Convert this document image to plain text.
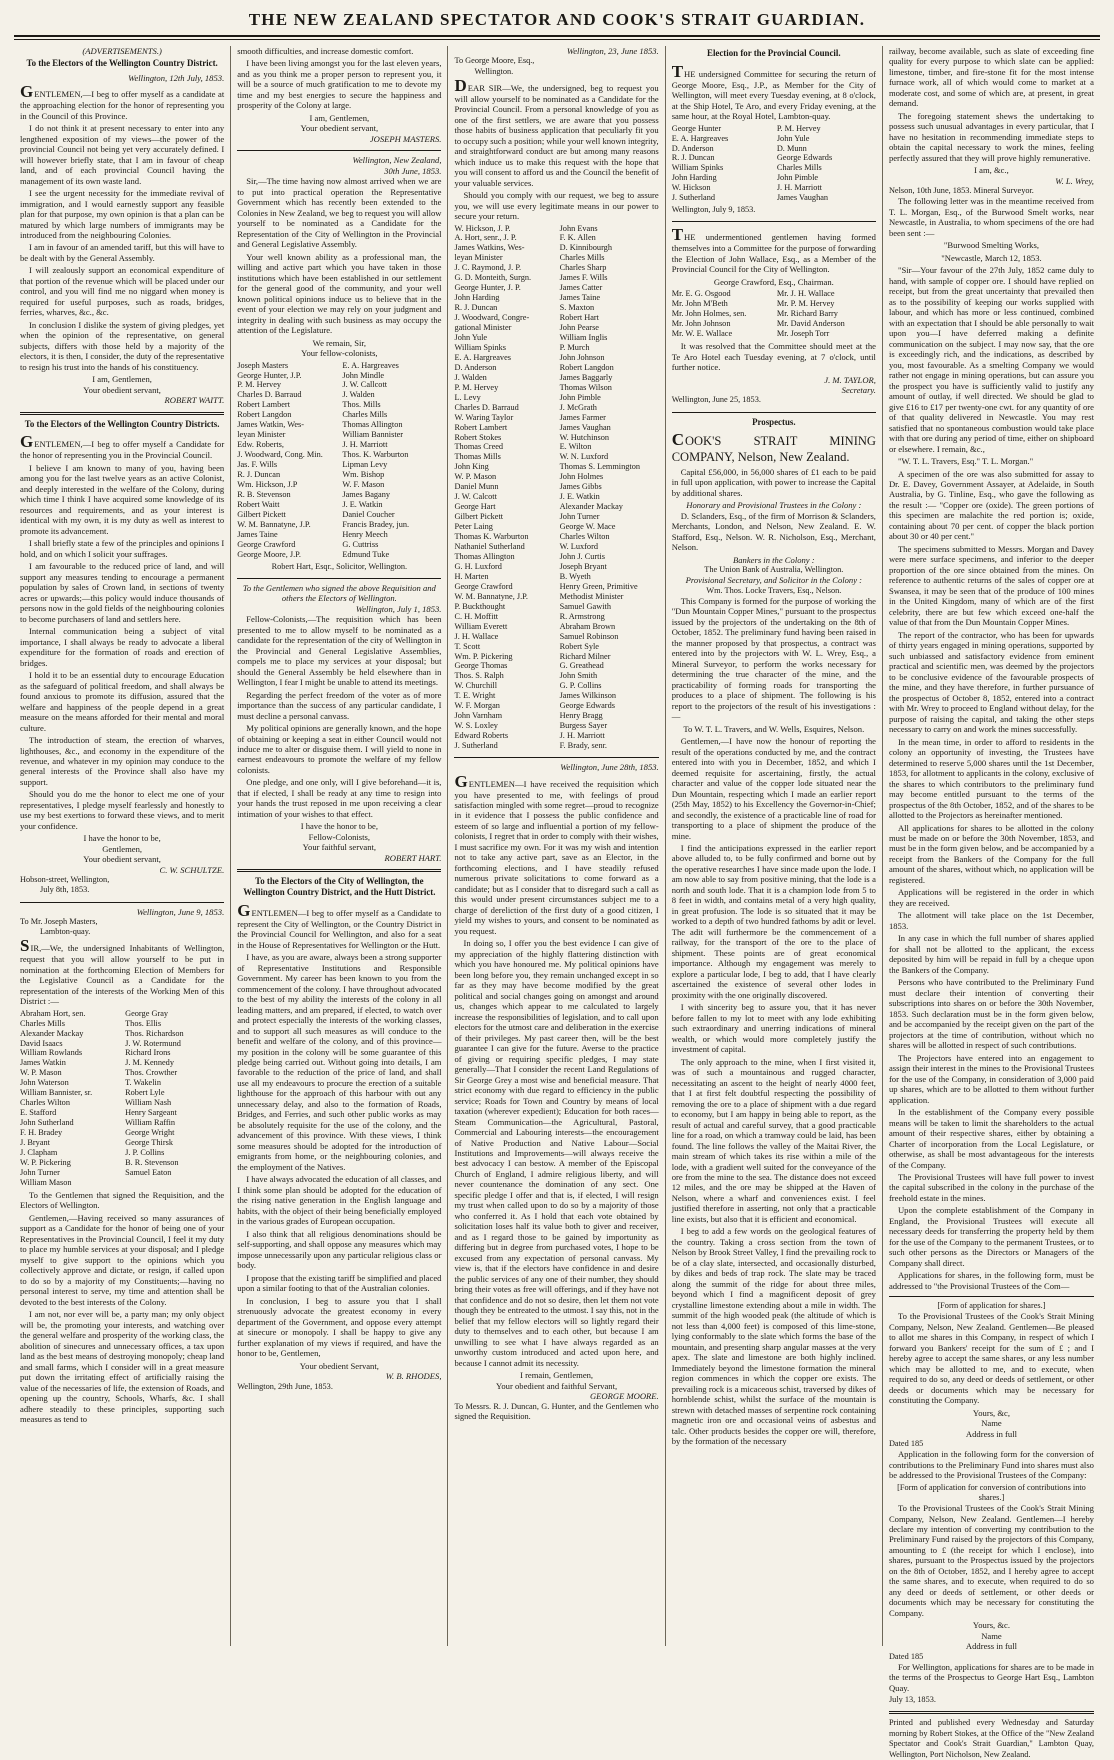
THE NEW ZEALAND SPECTATOR AND COOK'S STRAIT GUARDIAN.
(ADVERTISEMENTS.)
To the Electors of the Wellington Country District.
Wellington, 12th July, 1853.

GENTLEMEN,—I beg to offer myself as a candidate at the approaching election for the honor of representing you in the Council of this Province.

I do not think it at present necessary to enter into any lengthened exposition of my views—the power of the provincial Council not being yet very accurately defined. I will however briefly state, that I am in favour of cheap land, and of each provincial Council having the management of its own waste land.

I see the urgent necessity for the immediate revival of immigration, and I would earnestly support any feasible plan for that purpose, my own opinion is that a plan can be matured by which large numbers of immigrants may be introduced from the neighbouring Colonies.

I am in favour of an amended tariff, but this will have to be dealt with by the General Assembly.

I will zealously support an economical expenditure of that portion of the revenue which will be placed under our control, and you will find me no niggard when money is required for useful purposes, such as roads, bridges, ferries, wharves, &c., &c.

In conclusion I dislike the system of giving pledges, yet when the opinion of the representative, on general subjects, differs with those held by a majority of the electors, it is then, I consider, the duty of the representative to resign his trust into the hands of his constituency.

I am, Gentlemen,
Your obedient servant,
ROBERT WAITT.
To the Electors of the Wellington Country Districts.

GENTLEMEN,—I beg to offer myself a Candidate for the honor of representing you in the Provincial Council.

I believe I am known to many of you, having been among you for the last twelve years as an active Colonist, and deeply interested in the welfare of the Colony, during which time I think I have acquired some knowledge of its resources and requirements, and as your interest is identical with my own, it is my duty as well as interest to promote its advancement.

I shall briefly state a few of the principles and opinions I hold, and on which I solicit your suffrages.

I am favourable to the reduced price of land, and will support any measures tending to encourage a permanent population by sales of Crown land, in sections of twenty acres or upwards;—this policy would induce thousands of persons now in the gold fields of the neighbouring colonies to become purchasers of land and settlers here.

Internal communication being a subject of vital importance, I shall always be ready to advocate a liberal expenditure for the formation of roads and erection of bridges.

I hold it to be an essential duty to encourage Education as the safeguard of political freedom, and shall always be found anxious to promote its diffusion, assured that the welfare and happiness of the people depend in a great measure on the means afforded for their mental and moral culture.

The introduction of steam, the erection of wharves, lighthouses, &c., and economy in the expenditure of the revenue, and whatever in my opinion may conduce to the general interests of the Province shall also have my support.

Should you do me the honor to elect me one of your representatives, I pledge myself fearlessly and honestly to use my best exertions to forward these views, and to merit your confidence.

I have the honor to be,
Gentlemen,
Your obedient servant,
C. W. SCHULTZE.
Hobson-street, Wellington,
July 8th, 1853.
Wellington, June 9, 1853.
To Mr. Joseph Masters,
Lambton-quay.

SIR,—We, the undersigned Inhabitants of Wellington, request that you will allow yourself to be put in nomination at the forthcoming Election of Members for the Legislative Council as a Candidate for the representation of the interests of the Working Men of this District :—

Abraham Hort, sen.	George Gray
Charles Mills	Thos. Ellis
Alexander Mackay	Thos. Richardson
David Isaacs	J. W. Rotermund
William Rowlands	Richard Irons
James Watkin	J. M. Kennedy
W. P. Mason	Thos. Crowther
John Waterson	T. Wakelin
William Bannister, sr.	Robert Lyle
Charles Wilton	William Nash
E. Stafford	Henry Sargeant
John Sutherland	William Raffin
F. H. Bradey	George Wright
J. Bryant	George Thirsk
J. Clapham	J. P. Collins
W. P. Pickering	B. R. Stevenson
John Turner	Samuel Eaton
William Mason

To the Gentlemen that signed the Requisition, and the Electors of Wellington.

Gentlemen,—Having received so many assurances of support as a Candidate for the honor of being one of your Representatives in the Provincial Council, I feel it my duty to place my humble services at your disposal; and I pledge myself to give support to the opinions which you collectively approve and dictate, or resign, if called upon to do so by a majority of my Constituents;—having no personal interest to serve, my time and attention shall be devoted to the best interests of the Colony.

I am not, nor ever will be, a party man; my only object will be, the promoting your interests, and watching over the general welfare and prosperity of the working class, the abolition of sinecures and unnecessary offices, a tax upon land as the best means of destroying monopoly; cheap land and small farms, which I consider will in a great measure put down the irritating effect of artificially raising the value of the necessaries of life, the extension of Roads, and opening up the country, Schools, Wharfs, &c. I shall adhere steadily to these principles, supporting such measures as tend to

smooth difficulties, and increase domestic comfort.

I have been living amongst you for the last eleven years, and as you think me a proper person to represent you, it will be a source of much gratification to me to devote my time and my best energies to secure the happiness and prosperity of the Colony at large.

I am, Gentlemen,
Your obedient servant,
JOSEPH MASTERS.
Wellington, New Zealand,
30th June, 1853.

Sir,—The time having now almost arrived when we are to put into practical operation the Representative Government which has recently been extended to the Colonies in New Zealand, we beg to request you will allow yourself to be nominated as a Candidate for the Representation of the City of Wellington in the Provincial and General Legislative Assembly.

Your well known ability as a professional man, the willing and active part which you have taken in those institutions which have been established in our settlement for the general good of the community, and your well known political opinions induce us to believe that in the event of your election we may rely on your judgment and integrity in dealing with such business as may occupy the attention of the Legislature.

We remain, Sir,
Your fellow-colonists,
Joseph Masters	E. A. Hargreaves
George Hunter, J.P.	John Mindle
P. M. Hervey	J. W. Callcott
Charles D. Barraud	J. Walden
Robert Lambert	Thos. Mills
Robert Langdon	Charles Mills
James Watkin, Wes-	Thomas Allington
leyan Minister	William Bannister
Edw. Roberts,	J. H. Marriott
J. Woodward, Cong. Min.	Thos. K. Warburton
Jas. F. Wills	Lipman Levy
R. J. Duncan	Wm. Bishop
Wm. Hickson, J.P	W. F. Mason
R. B. Stevenson	James Bagany
Robert Waitt	J. E. Watkin
Gilbert Pickett	Daniel Coucher
W. M. Bannatyne, J.P.	Francis Bradey, jun.
James Taine	Henry Meech
George Crawford	G. Cuttriss
George Moore, J.P.	Edmund Tuke
Robert Hart, Esqr., Solicitor, Wellington.
To the Gentlemen who signed the above Requisition and others the Electors of Wellington.
Wellington, July 1, 1853.

Fellow-Colonists,—The requisition which has been presented to me to allow myself to be nominated as a candidate for the representation of the city of Wellington in the Provincial and General Legislative Assemblies, compels me to place my services at your disposal; but should the General Assembly be held elsewhere than in Wellington, I fear I might be unable to attend its meetings.

Regarding the perfect freedom of the voter as of more importance than the success of any particular candidate, I must decline a personal canvass.

My political opinions are generally known, and the hope of obtaining or keeping a seat in either Council would not induce me to alter or disguise them. I will yield to none in earnest endeavours to promote the welfare of my fellow colonists.

One pledge, and one only, will I give beforehand—it is, that if elected, I shall be ready at any time to resign into your hands the trust reposed in me upon receiving a clear intimation of your wishes to that effect.

I have the honor to be,
Fellow-Colonists,
Your faithful servant,
ROBERT HART.
To the Electors of the City of Wellington, the Wellington Country District, and the Hutt District.

GENTLEMEN—I beg to offer myself as a Candidate to represent the City of Wellington, or the Country District in the Provincial Council for Wellington, and also for a seat in the House of Representatives for Wellington or the Hutt.

I have, as you are aware, always been a strong supporter of Representative Institutions and Responsible Government. My career has been known to you from the commencement of the colony. I have throughout advocated to the best of my ability the interests of the colony in all leading matters, and am prepared, if elected, to watch over and protect especially the interests of the working classes, and to support all such measures as will conduce to the benefit and welfare of the colony, and of this province—my position in the colony will be some guarantee of this pledge being carried out. Without going into details, I am favorable to the reduction of the price of land, and shall use all my endeavours to procure the erection of a suitable lighthouse for the approach of this harbour with out any unnecessary delay, and also to the formation of Roads, Bridges, and Ferries, and such other public works as may be absolutely requisite for the use of the colony, and the advancement of this province. With these views, I think some measures should be adopted for the introduction of emigrants from home, or the neighbouring colonies, and the employment of the Natives.

I have always advocated the education of all classes, and I think some plan should be adopted for the education of the rising native generation in the English language and habits, with the object of their being beneficially employed in the various grades of European occupation.

I also think that all religious denominations should be self-supporting, and shall oppose any measures which may impose unnecessarily upon any particular religious class or body.

I propose that the existing tariff be simplified and placed upon a similar footing to that of the Australian colonies.

In conclusion, I beg to assure you that I shall strenuously advocate the greatest economy in every department of the Government, and oppose every attempt at sinecure or monopoly. I shall be happy to give any further explanation of my views if required, and have the honor to be, Gentlemen,

Your obedient Servant,
W. B. RHODES,
Wellington, 29th June, 1853.
Wellington, 23, June 1853.
To George Moore, Esq.,
Wellington.

DEAR SIR—We, the undersigned, beg to request you will allow yourself to be nominated as a Candidate for the Provincial Council. From a personal knowledge of you as one of the first settlers, we are aware that you possess those habits of business application that peculiarly fit you to occupy such a position; while your well known integrity, and straightforward conduct are but among many reasons which induce us to make this request with the hope that you will consent to afford us and the Council the benefit of your valuable services.

Should you comply with our request, we beg to assure you, we will use every legitimate means in our power to secure your return.

W. Hickson, J. P.	John Evans
A. Hort, senr., J. P.	F. K. Allen
James Watkins, Wes-	D. Kinnibourgh
leyan Minister	Charles Mills
J. C. Raymond, J. P.	Charles Sharp
G. D. Monteith, Surgn.	James F. Wills
George Hunter, J. P.	James Catter
John Harding	James Taine
R. J. Duncan	S. Maxton
J. Woodward, Congre-	Robert Hart
gational Minister	John Pearse
John Yule	William Inglis
William Spinks	P. Murch
E. A. Hargreaves	John Johnson
D. Anderson	Robert Langdon
J. Walden	James Baggarly
P. M. Hervey	Thomas Wilson
L. Levy	John Pimble
Charles D. Barraud	J. McGrath
W. Waring Taylor	James Farmer
Robert Lambert	James Vaughan
Robert Stokes	W. Hutchinson
Thomas Creed	E. Wilton
Thomas Mills	W. N. Luxford
John King	Thomas S. Lemmington
W. P. Mason	John Holmes
Daniel Munn	James Gibbs
J. W. Calcott	J. E. Watkin
George Hart	Alexander Mackay
Gilbert Pickett	John Turner
Peter Laing	George W. Mace
Thomas K. Warburton	Charles Wilton
Nathaniel Sutherland	W. Luxford
Thomas Allington	John J. Curtis
G. H. Luxford	Joseph Bryant
H. Marten	B. Wyeth
George Crawford	Henry Green, Primitive
W. M. Bannatyne, J.P.	Methodist Minister
P. Buckthought	Samuel Gawith
C. H. Moffitt	R. Armstrong
William Everett	Abraham Brown
J. H. Wallace	Samuel Robinson
T. Scott	Robert Syle
Wm. P. Pickering	Richard Milner
George Thomas	G. Greathead
Thos. S. Ralph	John Smith
W. Churchill	G. P. Collins
T. E. Wright	James Wilkinson
W. F. Morgan	George Edwards
John Varnham	Henry Bragg
W. S. Loxley	Burgess Sayer
Edward Roberts	J. H. Marriott
J. Sutherland	F. Brady, senr.
Wellington, June 28th, 1853.

GENTLEMEN—I have received the requisition which you have presented to me, with feelings of proud satisfaction mingled with some regret—proud to recognize in it evidence that I possess the public confidence and esteem of so large and influential a portion of my fellow-colonists, I regret that in order to comply with their wishes, I must sacrifice my own. For it was my wish and intention not to take any active part, save as an Elector, in the forthcoming elections, and I have steadily refused numerous private solicitations to come forward as a candidate; but as I consider that to disregard such a call as this would under present circumstances subject me to a charge of dereliction of the first duty of a good citizen, I yield my wishes to yours, and consent to be nominated as you request.

In doing so, I offer you the best evidence I can give of my appreciation of the highly flattering distinction with which you have honoured me. My political opinions have been long before you, they remain unchanged except in so far as they may have become modified by the great political and social changes going on amongst and around us, changes which appear to me calculated to largely increase the responsibilities of legislation, and to call upon electors for the utmost care and deliberation in the exercise of their privileges. My past career then, will be the best guarantee I can give for the future. Averse to the practice of giving or requiring specific pledges, I may state generally—That I consider the recent Land Regulations of Sir George Grey a most wise and beneficial measure. That strict economy with due regard to efficiency in the public service; Roads for Town and Country by means of local taxation (wherever expedient); Education for both races—Steam Communication—the Agricultural, Pastoral, Commercial and Labouring interests—the encouragement of Native Production and Native Labour—Social Institutions and Improvements—will always receive the best advocacy I can bestow. A member of the Episcopal Church of England, I admire religious liberty, and will never countenance the domination of any sect. One specific pledge I offer and that is, if elected, I will resign my trust when called upon to do so by a majority of those who conferred it. As I hold that each vote obtained by solicitation loses half its value both to giver and receiver, and as I regard those to be gained by importunity as differing but in degree from purchased votes, I hope to be excused from any expectation of personal canvass. My view is, that if the electors have confidence in and desire the public services of any one of their number, they should bring their votes as free will offerings, and if they have not that confidence and do not so desire, then let them not vote though they be entreated to the utmost. I say this, not in the belief that my fellow electors will so lightly regard their duty to themselves and to each other, but because I am unwilling to see what I have always regarded as an unworthy custom introduced and acted upon here, and because I cannot admit its necessity.

I remain, Gentlemen,
Your obedient and faithful Servant,
GEORGE MOORE.
To Messrs. R. J. Duncan, G. Hunter, and the Gentlemen who signed the Requisition.
Election for the Provincial Council.

THE undersigned Committee for securing the return of George Moore, Esq., J.P., as Member for the City of Wellington, will meet every Tuesday evening, at 8 o'clock, at the Ship Hotel, Te Aro, and every Friday evening, at the same hour, at the Royal Hotel, Lambton-quay.

George Hunter	P. M. Hervey
E. A. Hargreaves	John Yule
D. Anderson	D. Munn
R. J. Duncan	George Edwards
William Spinks	Charles Mills
John Harding	John Pimble
W. Hickson	J. H. Marriott
J. Sutherland	James Vaughan
Wellington, July 9, 1853.

THE undermentioned gentlemen having formed themselves into a Committee for the purpose of forwarding the Election of John Wallace, Esq., as a Member of the Provincial Council for the City of Wellington.

George Crawford, Esq., Chairman.
Mr. E. G. Osgood	Mr. J. H. Wallace
Mr. John M'Beth	Mr. P. M. Hervey
Mr. John Holmes, sen.	Mr. Richard Barry
Mr. John Johnson	Mr. David Anderson
Mr. W. E. Wallace	Mr. Joseph Torr

It was resolved that the Committee should meet at the Te Aro Hotel each Tuesday evening, at 7 o'clock, until further notice.

J. M. TAYLOR,
Secretary.
Wellington, June 25, 1853.
Prospectus.

COOK'S STRAIT MINING COMPANY, Nelson, New Zealand.

Capital £56,000, in 56,000 shares of £1 each to be paid in full upon application, with power to increase the Capital by additional shares.

Honorary and Provisional Trustees in the Colony :

D. Sclanders, Esq., of the firm of Morrison & Sclanders, Merchants, London, and Nelson, New Zealand. E. W. Stafford, Esq., Nelson. W. R. Nicholson, Esq., Merchant, Nelson.

Bankers in the Colony :
The Union Bank of Australia, Wellington.
Provisional Secretary, and Solicitor in the Colony :
Wm. Thos. Locke Travers, Esq., Nelson.

This Company is formed for the purpose of working the "Dun Mountain Copper Mines," pursuant to the prospectus issued by the projectors of the undertaking on the 8th of October, 1852. The preliminary fund having been raised in the manner proposed by that prospectus, a contract was entered into by the projectors with W. L. Wrey, Esq., a Mineral Surveyor, to perform the works necessary for determining the true character of the mine, and the practicability of forming roads for transporting the produces to a place of shipment. The following is his report to the projectors of the result of his investigations :—

To W. T. L. Travers, and W. Wells, Esquires, Nelson.

Gentlemen,—I have now the honour of reporting the result of the operations conducted by me, and the contract entered into with you in December, 1852, and which I deemed requisite for ascertaining, firstly, the actual character and value of the copper lode situated near the Dun Mountain, respecting which I made an earlier report (25th May, 1852) to his Excellency the Governor-in-Chief; and secondly, the existence of a practicable line of road for transporting to a place of shipment the produce of the mine.

I find the anticipations expressed in the earlier report above alluded to, to be fully confirmed and borne out by the operative researches I have since made upon the lode. I am now able to say from positive mining, that the lode is a north and south lode. That it is a champion lode from 5 to 8 feet in width, and contains metal of a very high quality, in great profusion. The lode is so situated that it may be worked to a depth of two hundred fathoms by adit or level. The adit will furthermore be the commencement of a railway, for the transport of the ore to the place of shipment. These points are of great economical importance. Although my engagement was merely to explore a particular lode, I beg to add, that I have clearly ascertained the existence of several other lodes in proximity with the one originally discovered.

I with sincerity beg to assure you, that it has never before fallen to my lot to meet with any lode exhibiting such extraordinary and unerring indications of mineral wealth, or which would more completely justify the investment of capital.

The only approach to the mine, when I first visited it, was of such a mountainous and rugged character, necessitating an ascent to the height of nearly 4000 feet, that I at first felt doubtful respecting the possibility of removing the ore to a place of shipment with a due regard to economy, but I am happy in being able to report, as the result of actual and careful survey, that a good practicable line for a road, on which a tramway could be laid, has been found. The line follows the valley of the Maitai River, the main stream of which takes its rise within a mile of the lode, with a gradient well suited for the conveyance of the ore from the mine to the sea. The distance does not exceed 12 miles, and the ore may be shipped at the Haven of Nelson, where a wharf and conveniences exist. I feel justified therefore in asserting, not only that a practicable line exists, but also that it is efficient and economical.

I beg to add a few words on the geological features of the country. Taking a cross section from the town of Nelson by Brook Street Valley, I find the prevailing rock to be of a clay slate, intersected, and occasionally disturbed, by dikes and beds of trap rock. The slate may be traced along the summit of the ridge for about three miles, beyond which I find a magnificent deposit of grey crystalline limestone extending about a mile in width. The summit of the high wooded peak (the altitude of which is not less than 4,000 feet) is composed of this lime-stone, lying conformably to the slate which forms the base of the mountain, and presenting sharp angular masses at the very apex. The slate and limestone are both highly inclined. Immediately beyond the limestone formation the mineral region commences in which the copper ore exists. The prevailing rock is a micaceous schist, traversed by dikes of hornblende schist, whilst the surface of the mountain is strewn with detached masses of serpentine rock containing magnetic iron ore and occasional veins of asbestus and talc. Other products besides the copper ore will, therefore, by the formation of the necessary

railway, become available, such as slate of exceeding fine quality for every purpose to which slate can be applied: limestone, timber, and fire-stone fit for the most intense furnace work, all of which would come to market at a moderate cost, and some of which are, at present, in great demand.

The foregoing statement shews the undertaking to possess such unusual advantages in every particular, that I have no hesitation in recommending immediate steps to obtain the capital necessary to work the mines, feeling perfectly assured that they will prove highly remunerative.

I am, &c.,
W. L. Wrey,
Nelson, 10th June, 1853. Mineral Surveyor.

The following letter was in the meantime received from T. L. Morgan, Esq., of the Burwood Smelt works, near Newcastle, in Australia, to whom specimens of the ore had been sent :—

"Burwood Smelting Works,

"Newcastle, March 12, 1853.

"Sir—Your favour of the 27th July, 1852 came duly to hand, with sample of copper ore. I should have replied on receipt, but from the great uncertainty that prevailed then as to the possibility of keeping our works supplied with labour, and which has more or less continued, combined with an expectation that I should be able personally to wait upon you—I have deferred making a definite communication on the subject. I may now say, that the ore is exceedingly rich, and the indications, as described by you, most favourable. As a smelting Company we would rather not engage in mining operations, but can assure you the prospect you have is sufficiently valid to justify any amount of outlay, if well directed. We should be glad to give £16 to £17 per twenty-one cwt. for any quantity of ore of that quality delivered in Newcastle. You may rest satisfied that no spontaneous combustion would take place with that ore during any period of time, either on shipboard or elsewhere. I remain, &c.,

"W. T. L. Travers, Esq." T. L. Morgan."

A specimen of the ore was also submitted for assay to Dr. E. Davey, Government Assayer, at Adelaide, in South Australia, by G. Tinline, Esq., who gave the following as the result :— "Copper ore (oxide). The green portions of this specimen are malachite the red portion is; oxide, containing about 70 per cent. of copper the black portion about 30 or 40 per cent."

The specimens submitted to Messrs. Morgan and Davey were mere surface specimens, and inferior to the deeper proportion of the ore since obtained from the mines. On reference to authentic returns of the sales of copper ore at Swansea, it may be seen that of the produce of 100 mines in the United Kingdom, many of which are of the first celebrity, there are but few which exceed one-half the value of that from the Dun Mountain Copper Mines.

The report of the contractor, who has been for upwards of thirty years engaged in mining operations, supported by such unbiassed and satisfactory evidence from eminent practical and scientific men, was deemed by the projectors to be conclusive evidence of the favourable prospects of the mine, and they have therefore, in further pursuance of the prospectus of October 8, 1852, entered into a contract with Mr. Wrey to proceed to England without delay, for the purpose of raising the capital, and taking the other steps necessary to carry on and work the mines successfully.

In the mean time, in order to afford to residents in the colony an opportunity of investing, the Trustees have determined to reserve 5,000 shares until the 1st December, 1853, for allotment to applicants in the colony, exclusive of the shares to which contributors to the preliminary fund may become entitled pursuant to the terms of the prospectus of the 8th October, 1852, and of the shares to be allotted to the Projectors as hereinafter mentioned.

All applications for shares to be allotted in the colony must be made on or before the 30th November, 1853, and must be in the form given below, and be accompanied by a receipt from the Bankers of the Company for the full amount of the shares, without which, no application will be registered.

Applications will be registered in the order in which they are received.

The allotment will take place on the 1st December, 1853.

In any case in which the full number of shares applied for shall not be allotted to the applicant, the excess deposited by him will be repaid in full by a cheque upon the Bankers of the Company.

Persons who have contributed to the Preliminary Fund must declare their intention of converting their subscriptions into shares on or before the 30th November, 1853. Such declaration must be in the form given below, and be accompanied by the receipt given on the part of the projectors at the time of contribution, without which no shares will be allotted in respect of such contributions.

The Projectors have entered into an engagement to assign their interest in the mines to the Provisional Trustees for the use of the Company, in consideration of 3,000 paid up shares, which are to be allotted to them without further application.

In the establishment of the Company every possible means will be taken to limit the shareholders to the actual amount of their respective shares, either by obtaining a Charter of incorporation from the Local Legislature, or otherwise, as shall be most advantageous for the interests of the Company.

The Provisional Trustees will have full power to invest the capital subscribed in the colony in the purchase of the freehold estate in the mines.

Upon the complete establishment of the Company in England, the Provisional Trustees will execute all necessary deeds for transferring the property held by them for the use of the Company to the permanent Trustees, or to such other persons as the Directors or Managers of the Company shall direct.

Applications for shares, in the following form, must be addressed to "the Provisional Trustees of the Com—

[Form of application for shares.]

To the Provisional Trustees of the Cook's Strait Mining Company, Nelson, New Zealand. Gentlemen—Be pleased to allot me shares in this Company, in respect of which I forward you Bankers' receipt for the sum of £ ; and I hereby agree to accept the same shares, or any less number which may be allotted to me, and to execute, when required to do so, any deed or deeds of settlement, or other deeds or documents which may be necessary for constituting the Company.

Yours, &c,
Name
Address in full
Dated 185

Application in the following form for the conversion of contributions to the Preliminary Fund into shares must also be addressed to the Provisional Trustees of the Company:

[Form of application for conversion of contributions into shares.]

To the Provisional Trustees of the Cook's Strait Mining Company, Nelson, New Zealand. Gentlemen—I hereby declare my intention of converting my contribution to the Preliminary Fund raised by the projectors of this Company, amounting to £ (the receipt for which I enclose), into shares, pursuant to the Prospectus issued by the projectors on the 8th of October, 1852, and I hereby agree to accept the same shares, and to execute, when required to do so any deed or deeds of settlement, or other deeds or documents which may be necessary for constituting the Company.

Yours, &c.
Name
Address in full
Dated 185

For Wellington, applications for shares are to be made in the terms of the Prospectus to George Hart Esq., Lambton Quay.

July 13, 1853.
Printed and published every Wednesday and Saturday morning by Robert Stokes, at the Office of the "New Zealand Spectator and Cook's Strait Guardian," Lambton Quay, Wellington, Port Nicholson, New Zealand.
